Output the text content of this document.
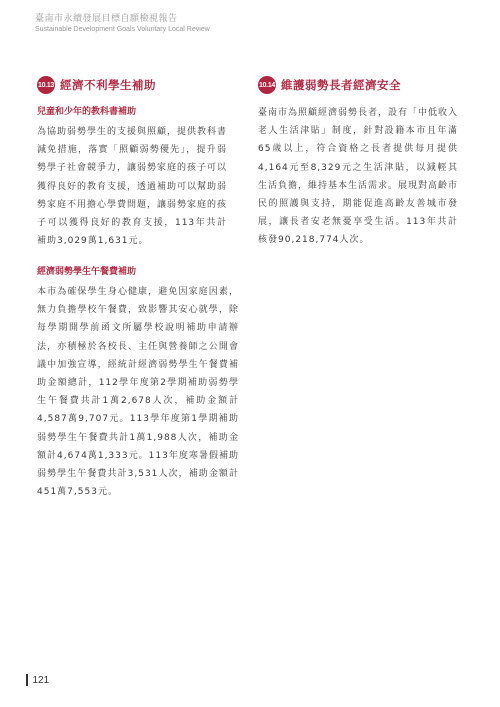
臺南市永續發展目標自願檢視報告
Sustainable Development Goals Voluntary Local Review
10.13 經濟不利學生補助
兒童和少年的教科書補助
為協助弱勢學生的支援與照顧，提供教科書減免措施，落實「照顧弱勢優先」，提升弱勢學子社會競爭力，讓弱勢家庭的孩子可以獲得良好的教育支援，透過補助可以幫助弱勢家庭不用擔心學費問題，讓弱勢家庭的孩子可以獲得良好的教育支援，113年共計補助3,029萬1,631元。
經濟弱勢學生午餐費補助
本市為確保學生身心健康，避免因家庭因素，無力負擔學校午餐費，致影響其安心就學，除每學期開學前函文所屬學校說明補助申請辦法，亦積極於各校長、主任與營養師之公開會議中加強宣導，經統計經濟弱勢學生午餐費補助金額總計，112學年度第2學期補助弱勢學生午餐費共計1萬2,678人次，補助金額計4,587萬9,707元。113學年度第1學期補助弱勢學生午餐費共計1萬1,988人次，補助金額計4,674萬1,333元。113年度寒暑假補助弱勢學生午餐費共計3,531人次，補助金額計451萬7,553元。
10.14 維護弱勢長者經濟安全
臺南市為照顧經濟弱勢長者，設有「中低收入老人生活津貼」制度，針對設籍本市且年滿65歲以上，符合資格之長者提供每月提供4,164元至8,329元之生活津貼，以減輕其生活負擔，維持基本生活需求。展現對高齡市民的照護與支持，期能促進高齡友善城市發展，讓長者安老無憂享受生活。113年共計核發90,218,774人次。
121
